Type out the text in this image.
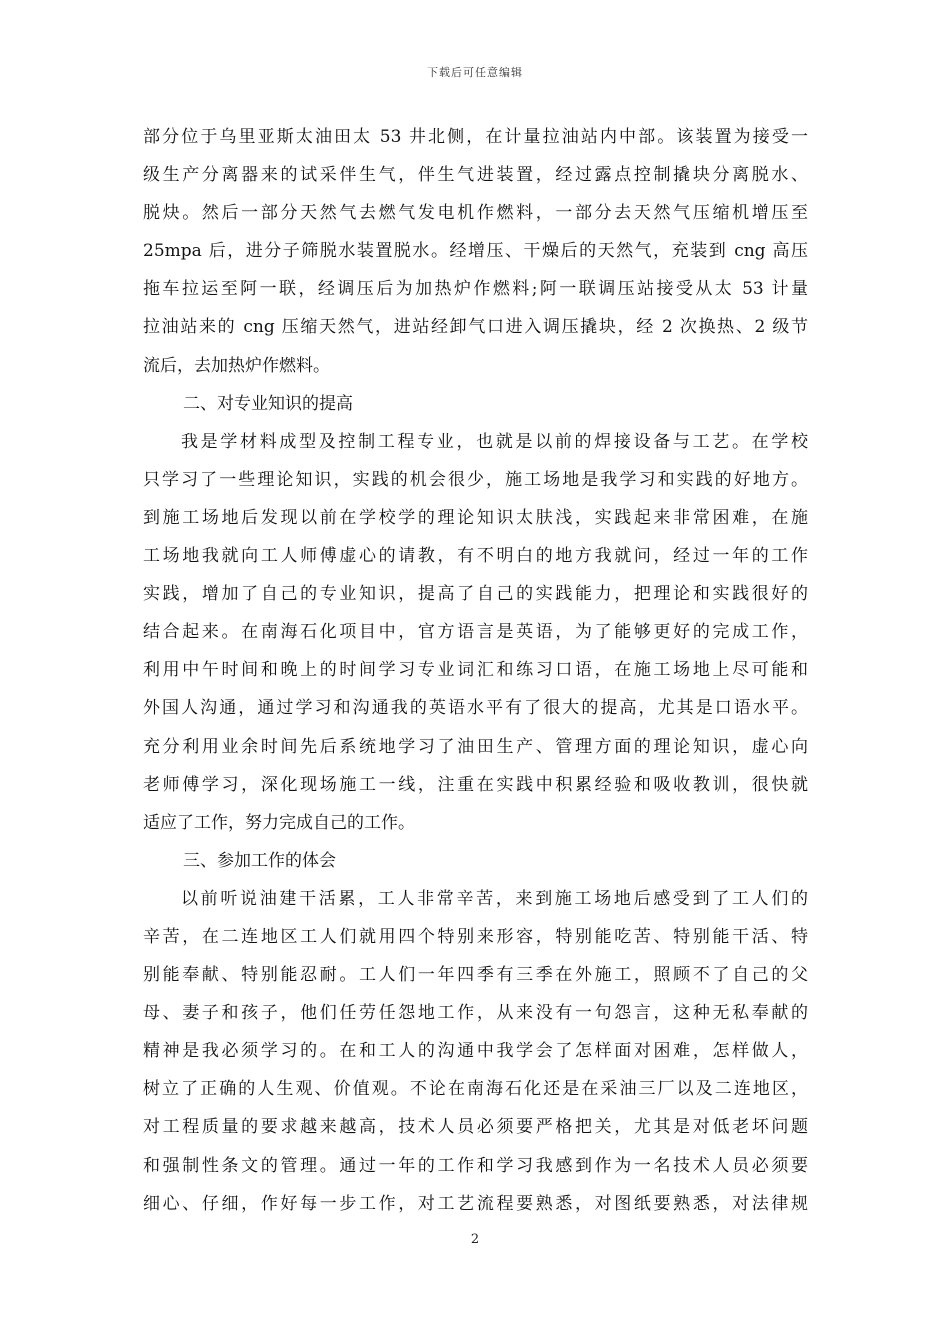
下载后可任意编辑
部分位于乌里亚斯太油田太 53 井北侧，在计量拉油站内中部。该装置为接受一
级生产分离器来的试采伴生气，伴生气进装置，经过露点控制撬块分离脱水、
脱炔。然后一部分天然气去燃气发电机作燃料，一部分去天然气压缩机增压至
25mpa 后，进分子筛脱水装置脱水。经增压、干燥后的天然气，充装到 cng 高压
拖车拉运至阿一联，经调压后为加热炉作燃料;阿一联调压站接受从太 53 计量
拉油站来的 cng 压缩天然气，进站经卸气口进入调压撬块，经 2 次换热、2 级节
流后，去加热炉作燃料。
二、对专业知识的提高
我是学材料成型及控制工程专业，也就是以前的焊接设备与工艺。在学校
只学习了一些理论知识，实践的机会很少，施工场地是我学习和实践的好地方。
到施工场地后发现以前在学校学的理论知识太肤浅，实践起来非常困难，在施
工场地我就向工人师傅虚心的请教，有不明白的地方我就问，经过一年的工作
实践，增加了自己的专业知识，提高了自己的实践能力，把理论和实践很好的
结合起来。在南海石化项目中，官方语言是英语，为了能够更好的完成工作，
利用中午时间和晚上的时间学习专业词汇和练习口语，在施工场地上尽可能和
外国人沟通，通过学习和沟通我的英语水平有了很大的提高，尤其是口语水平。
充分利用业余时间先后系统地学习了油田生产、管理方面的理论知识，虚心向
老师傅学习，深化现场施工一线，注重在实践中积累经验和吸收教训，很快就
适应了工作，努力完成自己的工作。
三、参加工作的体会
以前听说油建干活累，工人非常辛苦，来到施工场地后感受到了工人们的
辛苦，在二连地区工人们就用四个特别来形容，特别能吃苦、特别能干活、特
别能奉献、特别能忍耐。工人们一年四季有三季在外施工，照顾不了自己的父
母、妻子和孩子，他们任劳任怨地工作，从来没有一句怨言，这种无私奉献的
精神是我必须学习的。在和工人的沟通中我学会了怎样面对困难，怎样做人，
树立了正确的人生观、价值观。不论在南海石化还是在采油三厂以及二连地区，
对工程质量的要求越来越高，技术人员必须要严格把关，尤其是对低老坏问题
和强制性条文的管理。通过一年的工作和学习我感到作为一名技术人员必须要
细心、仔细，作好每一步工作，对工艺流程要熟悉，对图纸要熟悉，对法律规
2
